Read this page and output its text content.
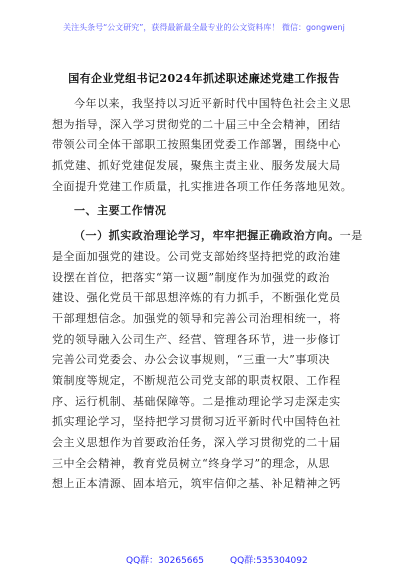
关注头条号“公文研究”，获得最新最全最专业的公文资料库！ 微信：gongwenj
国有企业党组书记2024年抓述职述廉述党建工作报告
今年以来，我坚持以习近平新时代中国特色社会主义思
想为指导，深入学习贯彻党的二十届三中全会精神，团结
带领公司全体干部职工按照集团党委工作部署，围绕中心
抓党建、抓好党建促发展，聚焦主责主业、服务发展大局
全面提升党建工作质量，扎实推进各项工作任务落地见效。
一、主要工作情况
（一）抓实政治理论学习，牢牢把握正确政治方向。一是
是全面加强党的建设。公司党支部始终坚持把党的政治建
设摆在首位，把落实“第一议题”制度作为加强党的政治
建设、强化党员干部思想淬炼的有力抓手，不断强化党员
干部理想信念。加强党的领导和完善公司治理相统一，将
党的领导融入公司生产、经营、管理各环节，进一步修订
完善公司党委会、办公会议事规则，“三重一大”事项决
策制度等规定，不断规范公司党支部的职责权限、工作程
序、运行机制、基础保障等。二是推动理论学习走深走实
抓实理论学习，坚持把学习贯彻习近平新时代中国特色社
会主义思想作为首要政治任务，深入学习贯彻党的二十届
三中全会精神，教育党员树立“终身学习”的理念，从思
想上正本清源、固本培元，筑牢信仰之基、补足精神之钙
QQ群：30265665	QQ群:535304092
